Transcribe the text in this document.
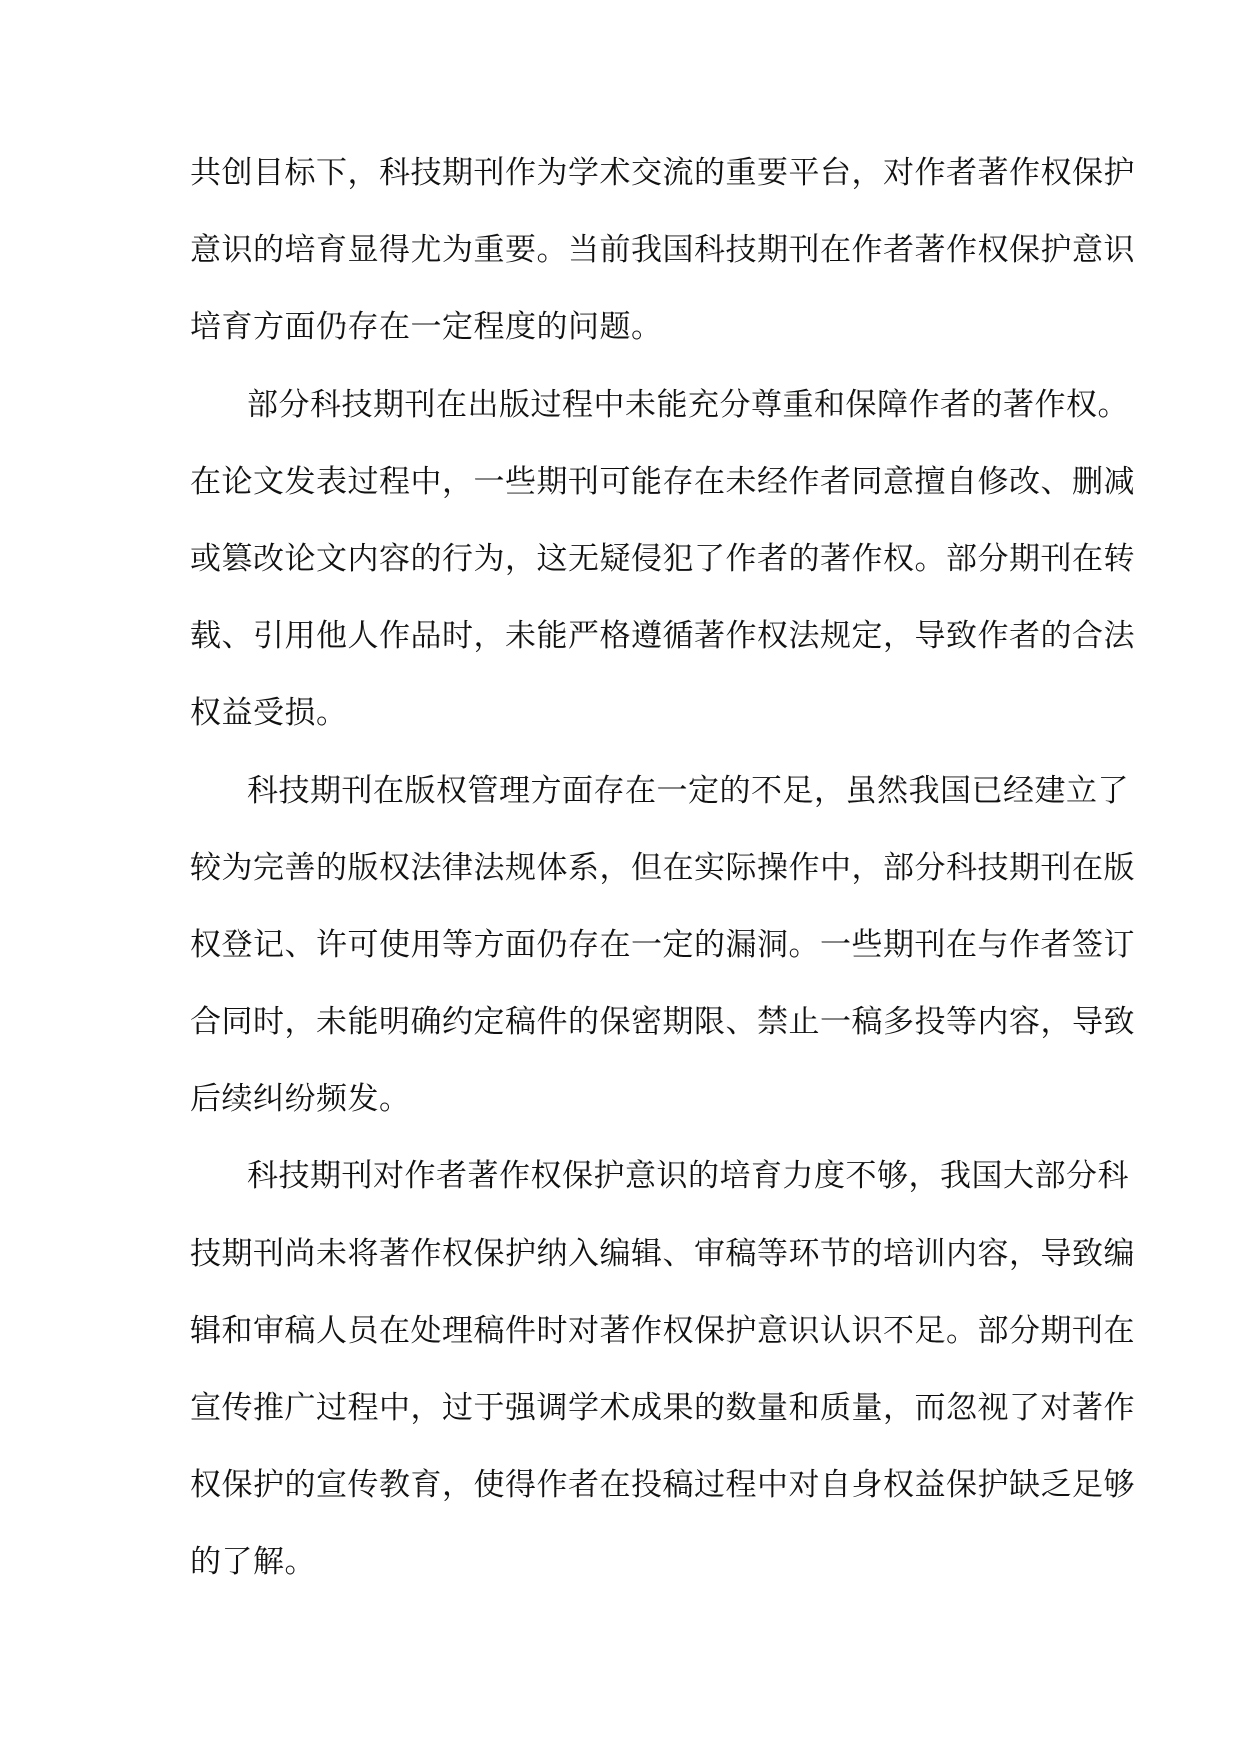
共创目标下，科技期刊作为学术交流的重要平台，对作者著作权保护
意识的培育显得尤为重要。当前我国科技期刊在作者著作权保护意识
培育方面仍存在一定程度的问题。
部分科技期刊在出版过程中未能充分尊重和保障作者的著作权。
在论文发表过程中，一些期刊可能存在未经作者同意擅自修改、删减
或篡改论文内容的行为，这无疑侵犯了作者的著作权。部分期刊在转
载、引用他人作品时，未能严格遵循著作权法规定，导致作者的合法
权益受损。
科技期刊在版权管理方面存在一定的不足，虽然我国已经建立了
较为完善的版权法律法规体系，但在实际操作中，部分科技期刊在版
权登记、许可使用等方面仍存在一定的漏洞。一些期刊在与作者签订
合同时，未能明确约定稿件的保密期限、禁止一稿多投等内容，导致
后续纠纷频发。
科技期刊对作者著作权保护意识的培育力度不够，我国大部分科
技期刊尚未将著作权保护纳入编辑、审稿等环节的培训内容，导致编
辑和审稿人员在处理稿件时对著作权保护意识认识不足。部分期刊在
宣传推广过程中，过于强调学术成果的数量和质量，而忽视了对著作
权保护的宣传教育，使得作者在投稿过程中对自身权益保护缺乏足够
的了解。
